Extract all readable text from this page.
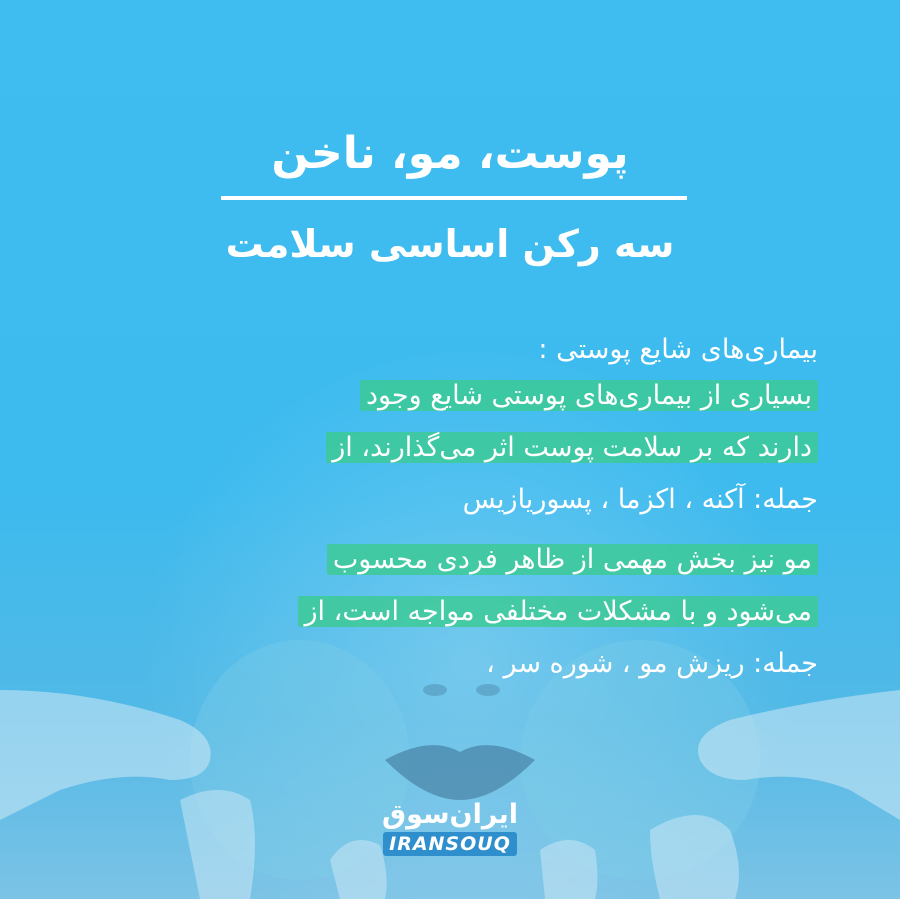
پوست، مو، ناخن
سه رکن اساسی سلامت

بیماری‌های شایع پوستی :

بسیاری از بیماری‌های پوستی شایع وجود
دارند که بر سلامت پوست اثر می‌گذارند، از
جمله: آکنه ، اکزما ، پسوریازیس

مو نیز بخش مهمی از ظاهر فردی محسوب
می‌شود و با مشکلات مختلفی مواجه است، از
جمله: ریزش مو ، شوره سر ،

ایران‌سوق
IRANSOUQ
